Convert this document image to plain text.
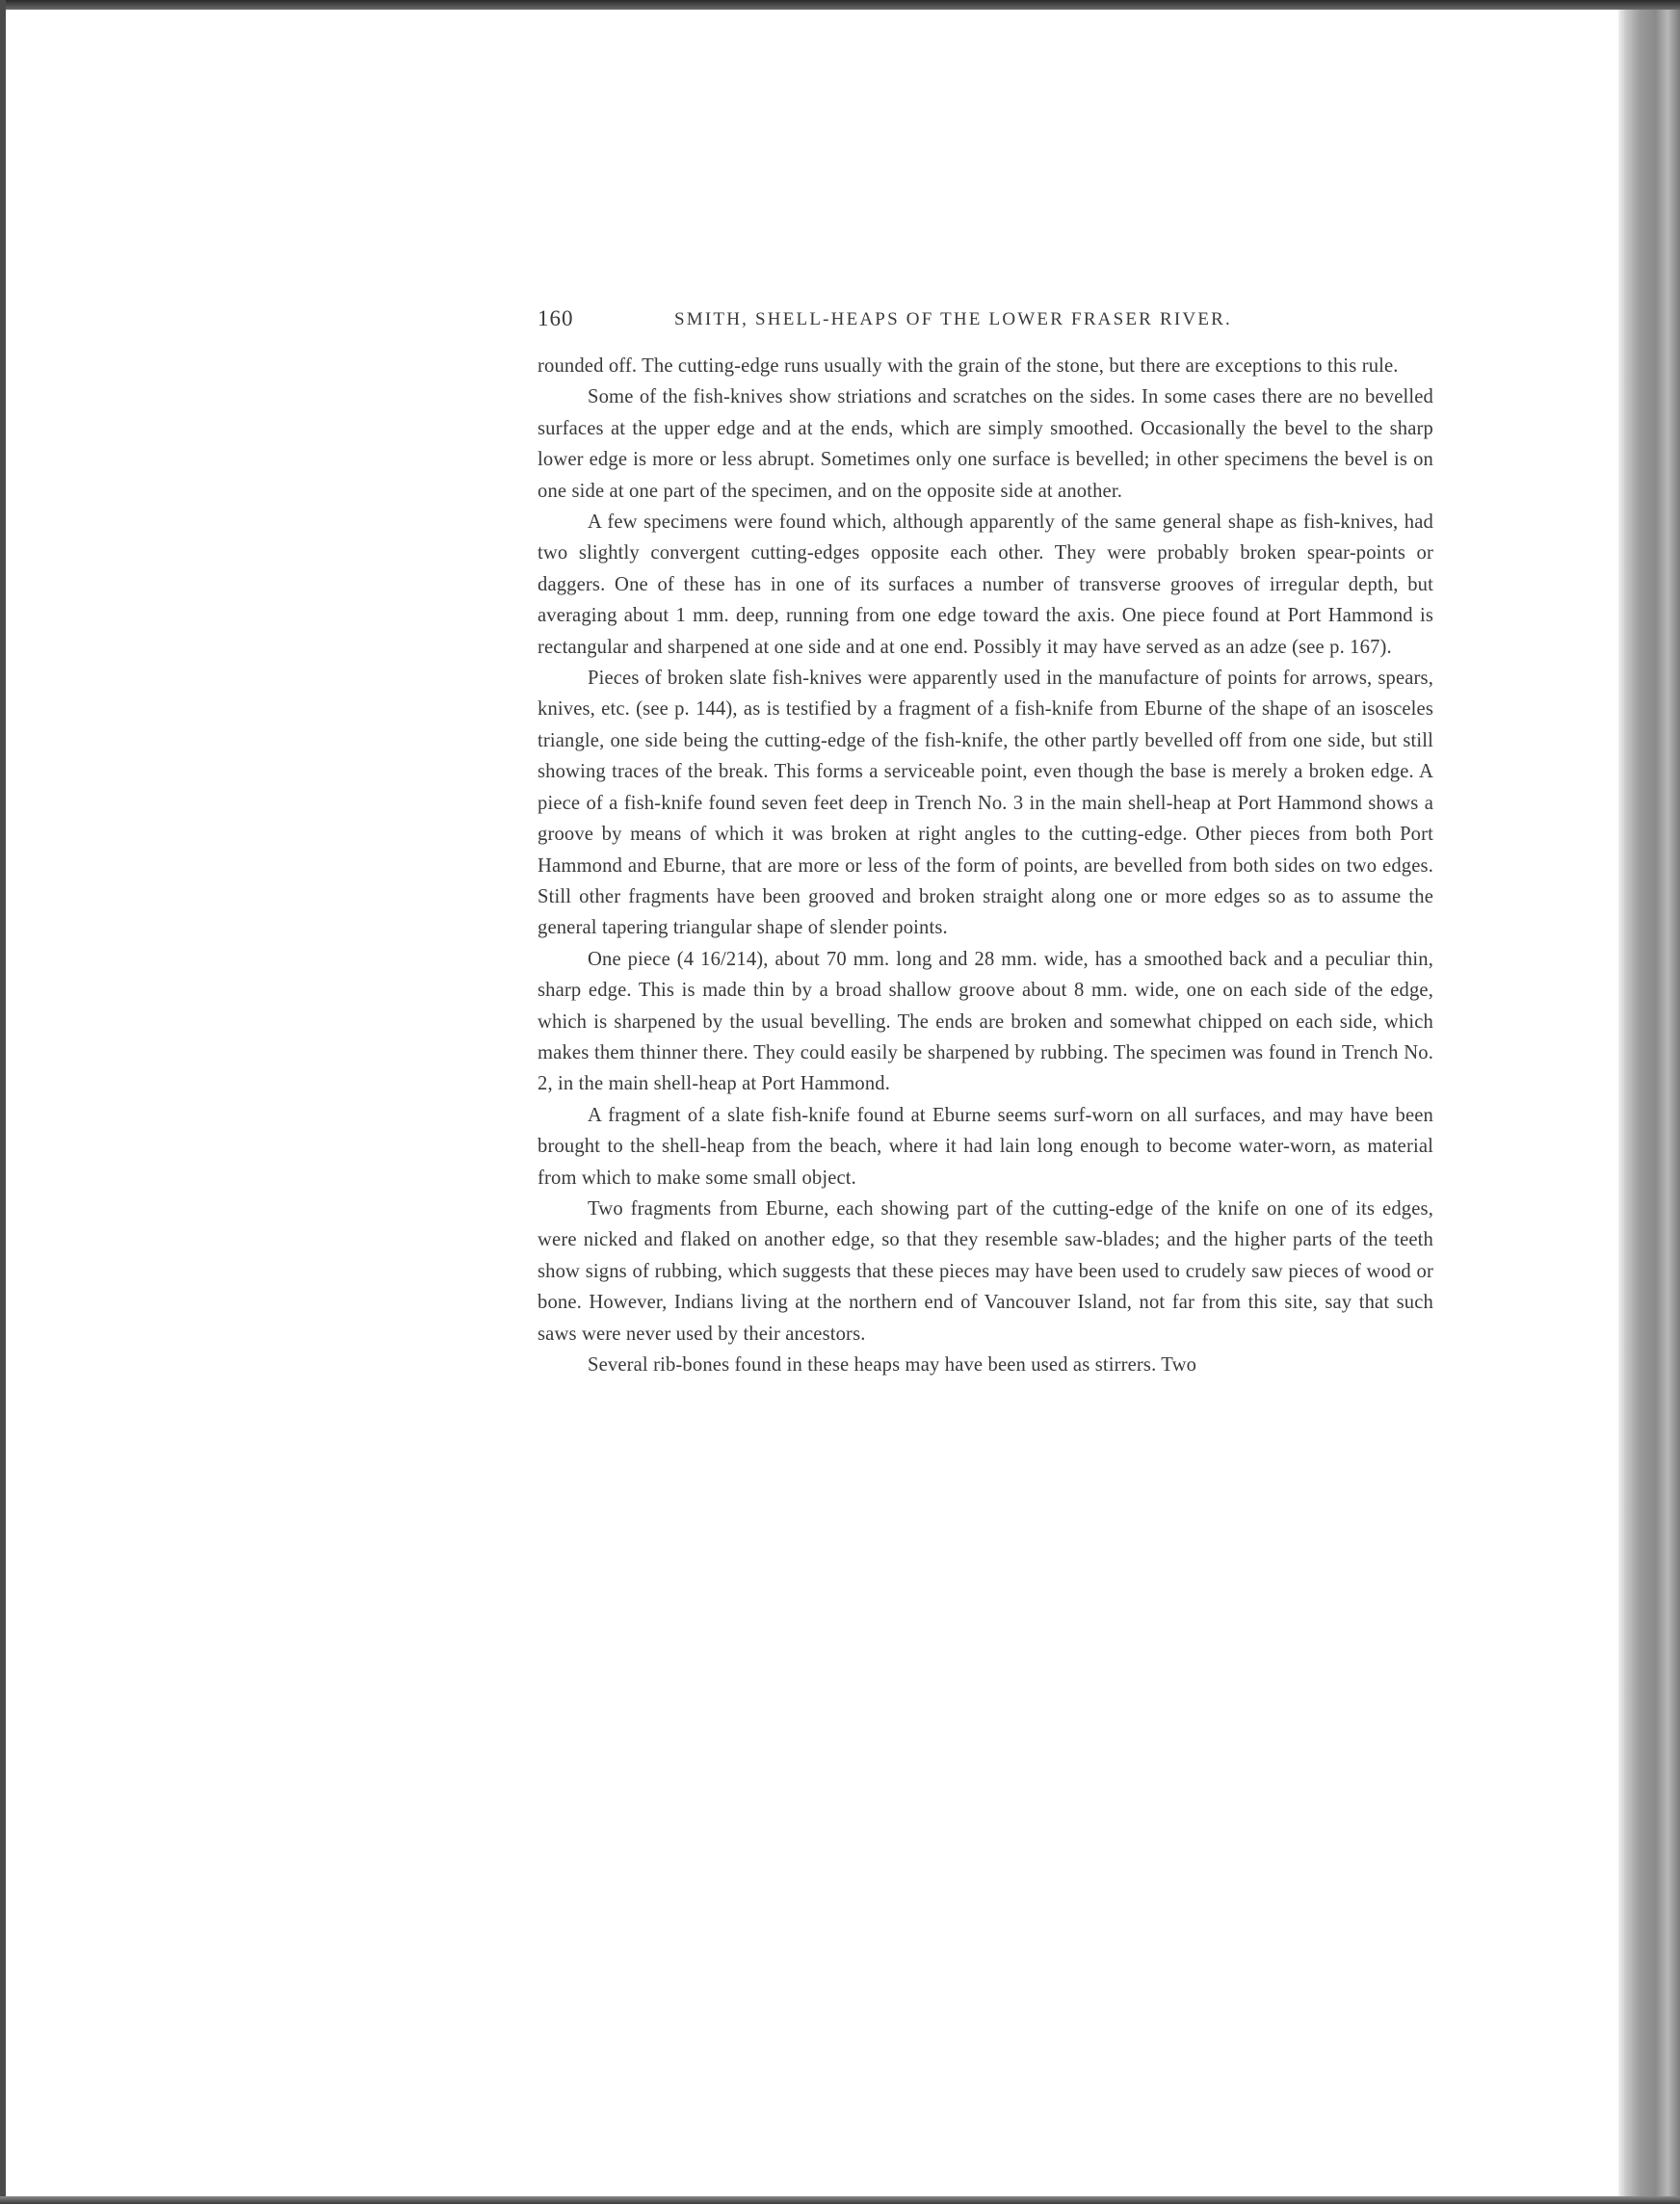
160	SMITH, SHELL-HEAPS OF THE LOWER FRASER RIVER.

rounded off. The cutting-edge runs usually with the grain of the stone, but there are exceptions to this rule.

Some of the fish-knives show striations and scratches on the sides. In some cases there are no bevelled surfaces at the upper edge and at the ends, which are simply smoothed. Occasionally the bevel to the sharp lower edge is more or less abrupt. Sometimes only one surface is bevelled; in other specimens the bevel is on one side at one part of the specimen, and on the opposite side at another.

A few specimens were found which, although apparently of the same general shape as fish-knives, had two slightly convergent cutting-edges opposite each other. They were probably broken spear-points or daggers. One of these has in one of its surfaces a number of transverse grooves of irregular depth, but averaging about 1 mm. deep, running from one edge toward the axis. One piece found at Port Hammond is rectangular and sharpened at one side and at one end. Possibly it may have served as an adze (see p. 167).

Pieces of broken slate fish-knives were apparently used in the manufacture of points for arrows, spears, knives, etc. (see p. 144), as is testified by a fragment of a fish-knife from Eburne of the shape of an isosceles triangle, one side being the cutting-edge of the fish-knife, the other partly bevelled off from one side, but still showing traces of the break. This forms a serviceable point, even though the base is merely a broken edge. A piece of a fish-knife found seven feet deep in Trench No. 3 in the main shell-heap at Port Hammond shows a groove by means of which it was broken at right angles to the cutting-edge. Other pieces from both Port Hammond and Eburne, that are more or less of the form of points, are bevelled from both sides on two edges. Still other fragments have been grooved and broken straight along one or more edges so as to assume the general tapering triangular shape of slender points.

One piece (4 16/214), about 70 mm. long and 28 mm. wide, has a smoothed back and a peculiar thin, sharp edge. This is made thin by a broad shallow groove about 8 mm. wide, one on each side of the edge, which is sharpened by the usual bevelling. The ends are broken and somewhat chipped on each side, which makes them thinner there. They could easily be sharpened by rubbing. The specimen was found in Trench No. 2, in the main shell-heap at Port Hammond.

A fragment of a slate fish-knife found at Eburne seems surf-worn on all surfaces, and may have been brought to the shell-heap from the beach, where it had lain long enough to become water-worn, as material from which to make some small object.

Two fragments from Eburne, each showing part of the cutting-edge of the knife on one of its edges, were nicked and flaked on another edge, so that they resemble saw-blades; and the higher parts of the teeth show signs of rubbing, which suggests that these pieces may have been used to crudely saw pieces of wood or bone. However, Indians living at the northern end of Vancouver Island, not far from this site, say that such saws were never used by their ancestors.

Several rib-bones found in these heaps may have been used as stirrers. Two
